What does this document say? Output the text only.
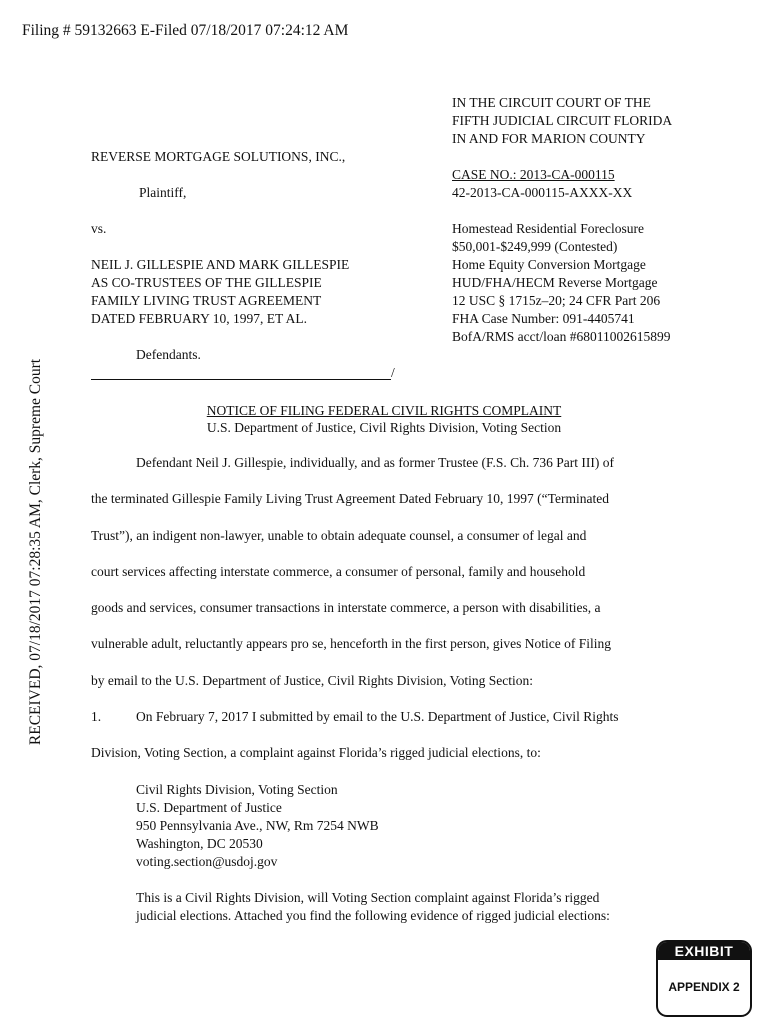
Filing # 59132663 E-Filed 07/18/2017 07:24:12 AM
RECEIVED, 07/18/2017 07:28:35 AM, Clerk, Supreme Court
IN THE CIRCUIT COURT OF THE
FIFTH JUDICIAL CIRCUIT FLORIDA
IN AND FOR MARION COUNTY
CASE NO.: 2013-CA-000115
42-2013-CA-000115-AXXX-XX
Homestead Residential Foreclosure
$50,001-$249,999 (Contested)
Home Equity Conversion Mortgage
HUD/FHA/HECM Reverse Mortgage
12 USC § 1715z–20; 24 CFR Part 206
FHA Case Number: 091-4405741
BofA/RMS acct/loan #68011002615899
REVERSE MORTGAGE SOLUTIONS, INC.,
Plaintiff,
vs.
NEIL J. GILLESPIE AND MARK GILLESPIE
AS CO-TRUSTEES OF THE GILLESPIE
FAMILY LIVING TRUST AGREEMENT
DATED FEBRUARY 10, 1997, ET AL.
Defendants.
/
NOTICE OF FILING FEDERAL CIVIL RIGHTS COMPLAINT
U.S. Department of Justice, Civil Rights Division, Voting Section
Defendant Neil J. Gillespie, individually, and as former Trustee (F.S. Ch. 736 Part III) of
the terminated Gillespie Family Living Trust Agreement Dated February 10, 1997 (“Terminated
Trust”), an indigent non-lawyer, unable to obtain adequate counsel, a consumer of legal and
court services affecting interstate commerce, a consumer of personal, family and household
goods and services, consumer transactions in interstate commerce, a person with disabilities, a
vulnerable adult, reluctantly appears pro se, henceforth in the first person, gives Notice of Filing
by email to the U.S. Department of Justice, Civil Rights Division, Voting Section:
1.	On February 7, 2017 I submitted by email to the U.S. Department of Justice, Civil Rights
Division, Voting Section, a complaint against Florida’s rigged judicial elections, to:
Civil Rights Division, Voting Section
U.S. Department of Justice
950 Pennsylvania Ave., NW, Rm 7254 NWB
Washington, DC 20530
voting.section@usdoj.gov
This is a Civil Rights Division, will Voting Section complaint against Florida’s rigged
judicial elections. Attached you find the following evidence of rigged judicial elections:
EXHIBIT
APPENDIX 2
